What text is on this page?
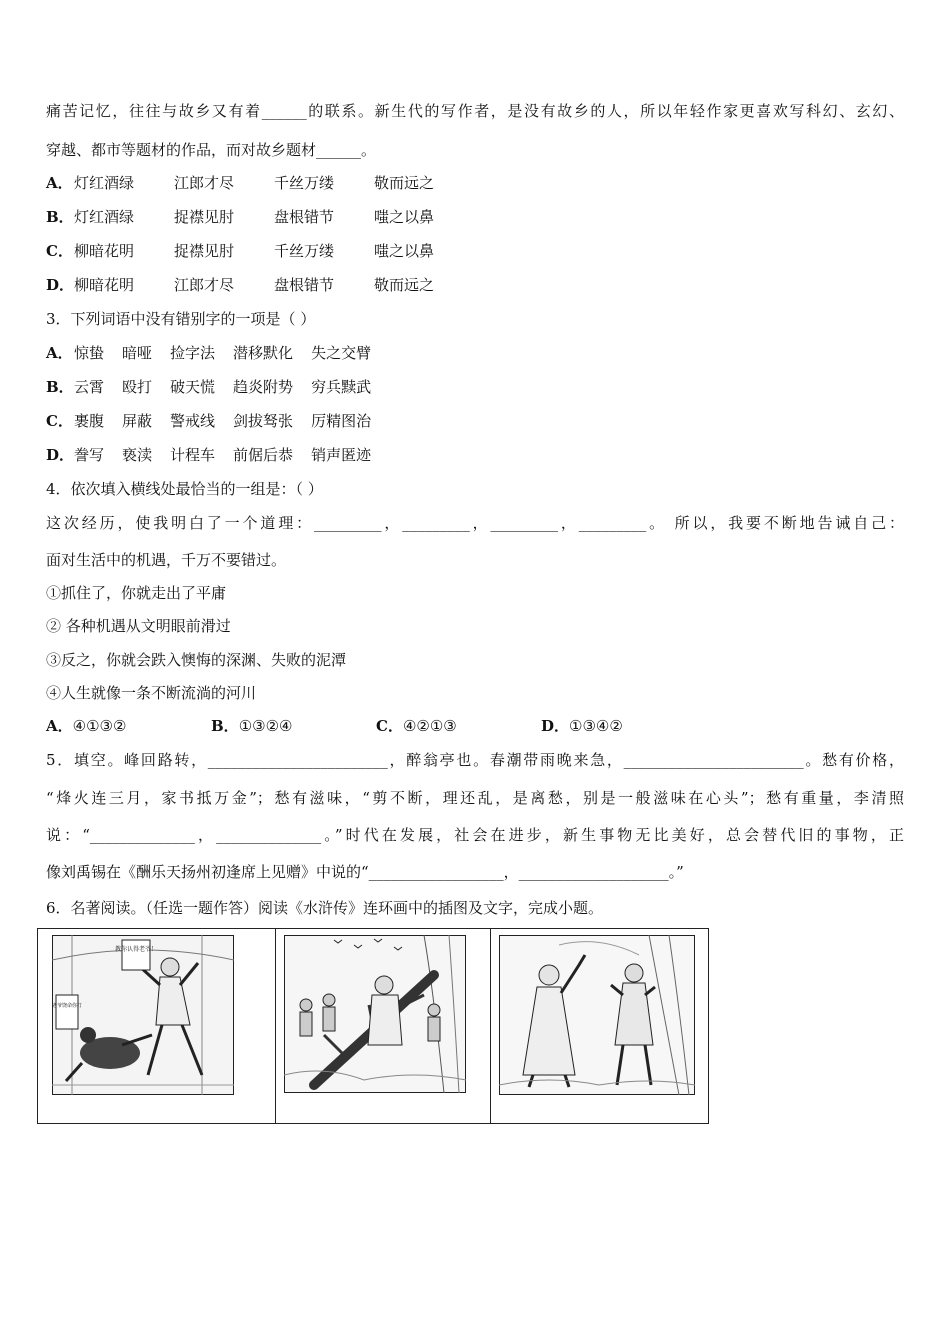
痛苦记忆，往往与故乡又有着______的联系。新生代的写作者，是没有故乡的人，所以年轻作家更喜欢写科幻、玄幻、
穿越、都市等题材的作品，而对故乡题材______。
A．灯红酒绿	江郎才尽	千丝万缕	敬而远之
B．灯红酒绿	捉襟见肘	盘根错节	嗤之以鼻
C．柳暗花明	捉襟见肘	千丝万缕	嗤之以鼻
D．柳暗花明	江郎才尽	盘根错节	敬而远之
3．下列词语中没有错别字的一项是（ ）
A．惊蛰 暗哑 捡字法 潜移默化 失之交臂
B．云霄 殴打 破天慌 趋炎附势 穷兵黩武
C．裹腹 屏蔽 警戒线 剑拔驽张 厉精图治
D．誊写 亵渎 计程车 前倨后恭 销声匿迹
4．依次填入横线处最恰当的一组是：（ ）
这次经历，使我明白了一个道理：_________，_________，_________，_________。 所以，我要不断地告诫自己：
面对生活中的机遇，千万不要错过。
①抓住了，你就走出了平庸
② 各种机遇从文明眼前滑过
③反之，你就会跌入懊悔的深渊、失败的泥潭
④人生就像一条不断流淌的河川
A．④①③②	B．①③②④	C．④②①③	D．①③④②
5．填空。峰回路转，________________________，醉翁亭也。春潮带雨晚来急，________________________。愁有价格，
“烽火连三月，家书抵万金”；愁有滋味，“剪不断，理还乱，是离愁，别是一般滋味在心头”；愁有重量，李清照
说：“______________，______________。”时代在发展，社会在进步，新生事物无比美好，总会替代旧的事物，正
像刘禹锡在《酬乐天扬州初逢席上见赠》中说的“__________________，____________________。”
6．名著阅读。（任选一题作答）阅读《水浒传》连环画中的插图及文字，完成小题。
教你认得老爷！
老爷饶命你打
